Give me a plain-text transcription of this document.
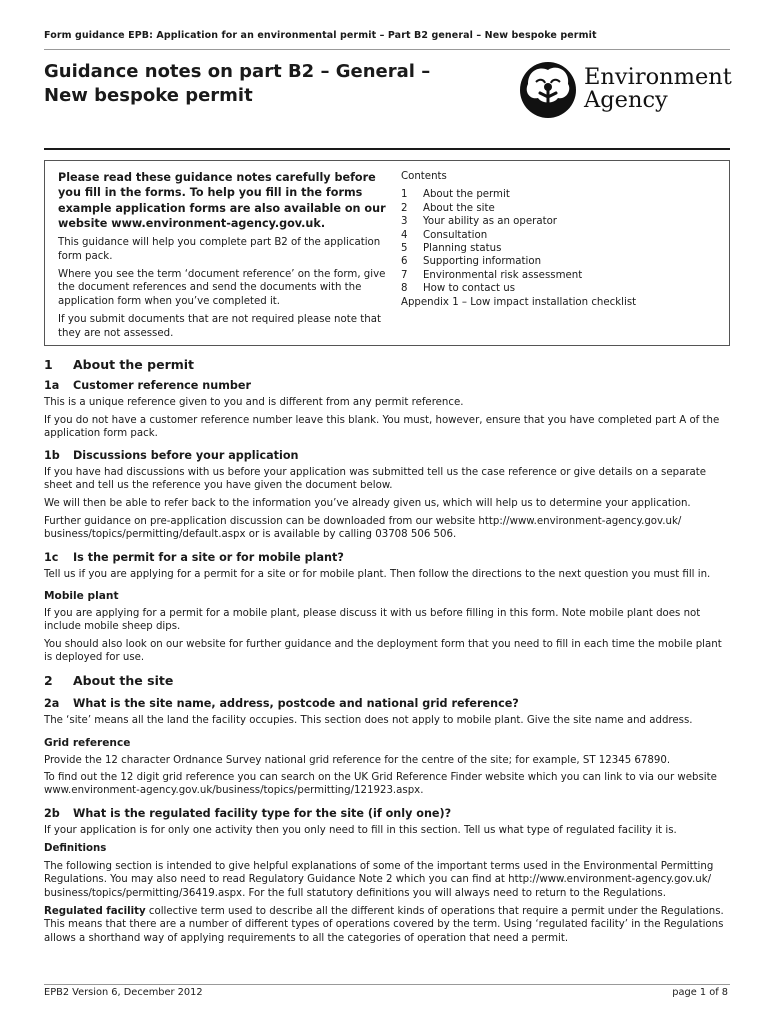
Form guidance EPB: Application for an environmental permit – Part B2 general – New bespoke permit
Guidance notes on part B2 – General –
New bespoke permit
Environment
Agency

Please read these guidance notes carefully before you fill in the forms. To help you fill in the forms example application forms are also available on our website www.environment-agency.gov.uk.

This guidance will help you complete part B2 of the application form pack.

Where you see the term ‘document reference’ on the form, give the document references and send the documents with the application form when you’ve completed it.

If you submit documents that are not required please note that they are not assessed.

Contents
1 About the permit
2 About the site
3 Your ability as an operator
4 Consultation
5 Planning status
6 Supporting information
7 Environmental risk assessment
8 How to contact us
Appendix 1 – Low impact installation checklist
1 About the permit
1a Customer reference number

This is a unique reference given to you and is different from any permit reference.

If you do not have a customer reference number leave this blank. You must, however, ensure that you have completed part A of the application form pack.

1b Discussions before your application

If you have had discussions with us before your application was submitted tell us the case reference or give details on a separate sheet and tell us the reference you have given the document below.

We will then be able to refer back to the information you’ve already given us, which will help us to determine your application.

Further guidance on pre-application discussion can be downloaded from our website http://www.environment-agency.gov.uk/ business/topics/permitting/default.aspx or is available by calling 03708 506 506.

1c Is the permit for a site or for mobile plant?

Tell us if you are applying for a permit for a site or for mobile plant. Then follow the directions to the next question you must fill in.

Mobile plant

If you are applying for a permit for a mobile plant, please discuss it with us before filling in this form. Note mobile plant does not include mobile sheep dips.

You should also look on our website for further guidance and the deployment form that you need to fill in each time the mobile plant is deployed for use.

2 About the site
2a What is the site name, address, postcode and national grid reference?

The ‘site’ means all the land the facility occupies. This section does not apply to mobile plant. Give the site name and address.

Grid reference

Provide the 12 character Ordnance Survey national grid reference for the centre of the site; for example, ST 12345 67890.

To find out the 12 digit grid reference you can search on the UK Grid Reference Finder website which you can link to via our website www.environment-agency.gov.uk/business/topics/permitting/121923.aspx.

2b What is the regulated facility type for the site (if only one)?

If your application is for only one activity then you only need to fill in this section. Tell us what type of regulated facility it is.

Definitions

The following section is intended to give helpful explanations of some of the important terms used in the Environmental Permitting Regulations. You may also need to read Regulatory Guidance Note 2 which you can find at http://www.environment-agency.gov.uk/ business/topics/permitting/36419.aspx. For the full statutory definitions you will always need to return to the Regulations.

Regulated facility collective term used to describe all the different kinds of operations that require a permit under the Regulations. This means that there are a number of different types of operations covered by the term. Using ‘regulated facility’ in the Regulations allows a shorthand way of applying requirements to all the categories of operation that need a permit.

EPB2 Version 6, December 2012	page 1 of 8
